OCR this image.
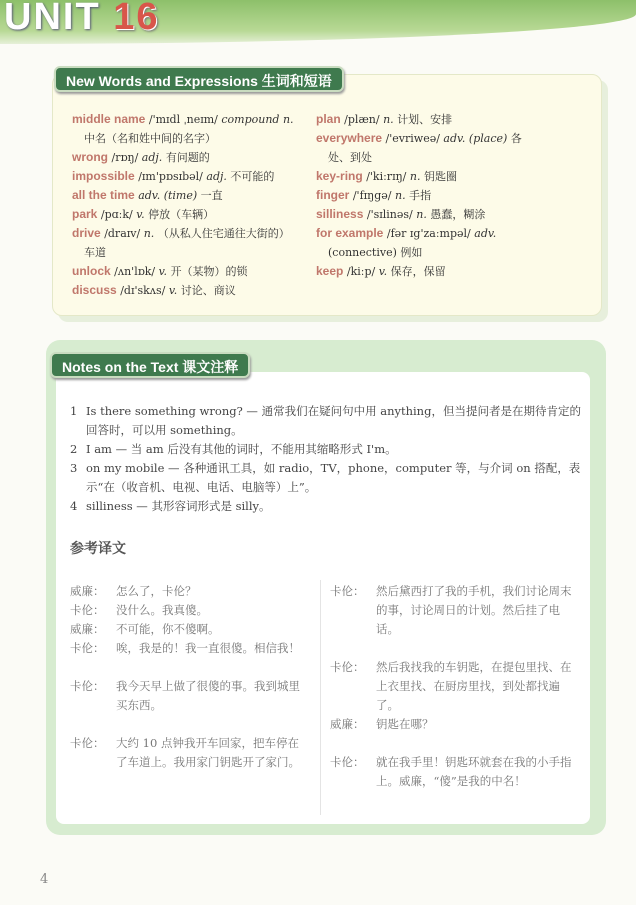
UNIT 16
New Words and Expressions 生词和短语
middle name /'mɪdl ˌneɪm/ compound n.
中名（名和姓中间的名字）
wrong /rɒŋ/ adj. 有问题的
impossible /ɪm'pɒsɪbəl/ adj. 不可能的
all the time adv. (time) 一直
park /pɑːk/ v. 停放（车辆）
drive /draɪv/ n. （从私人住宅通往大街的）
车道
unlock /ʌn'lɒk/ v. 开（某物）的锁
discuss /dɪ'skʌs/ v. 讨论、商议
plan /plæn/ n. 计划、安排
everywhere /'evriweə/ adv. (place) 各
处、到处
key-ring /'kiːrɪŋ/ n. 钥匙圈
finger /'fɪŋgə/ n. 手指
silliness /'sɪlinəs/ n. 愚蠢，糊涂
for example /fər ɪg'zaːmpəl/ adv.
(connective) 例如
keep /kiːp/ v. 保存，保留
Notes on the Text 课文注释
1 Is there something wrong? — 通常我们在疑问句中用 anything，但当提问者是在期待肯定的回答时，可以用 something。
2 I am — 当 am 后没有其他的词时，不能用其缩略形式 I'm。
3 on my mobile — 各种通讯工具，如 radio，TV，phone，computer 等，与介词 on 搭配，表示“在（收音机、电视、电话、电脑等）上”。
4 silliness — 其形容词形式是 silly。
参考译文
威廉：	怎么了，卡伦？
卡伦：	没什么。我真傻。
威廉：	不可能，你不傻啊。
卡伦：	唉，我是的！我一直很傻。相信我！
卡伦：	我今天早上做了很傻的事。我到城里买东西。
卡伦：	大约 10 点钟我开车回家，把车停在了车道上。我用家门钥匙开了家门。
卡伦：	然后黛西打了我的手机，我们讨论周末的事，讨论周日的计划。然后挂了电话。
卡伦：	然后我找我的车钥匙，在提包里找、在上衣里找、在厨房里找，到处都找遍了。
威廉：	钥匙在哪？
卡伦：	就在我手里！钥匙环就套在我的小手指上。威廉，“傻”是我的中名！
4
